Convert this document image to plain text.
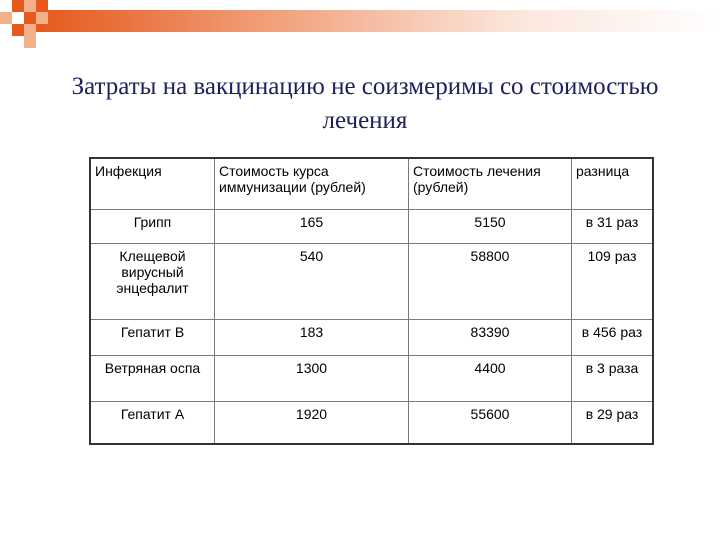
Затраты на вакцинацию не соизмеримы со стоимостью лечения
Инфекция	Стоимость курса иммунизации (рублей)	Стоимость лечения (рублей)	разница
Грипп	165	5150	в 31 раз
Клещевой вирусный энцефалит	540	58800	109 раз
Гепатит В	183	83390	в 456 раз
Ветряная оспа	1300	4400	в 3 раза
Гепатит А	1920	55600	в 29 раз
